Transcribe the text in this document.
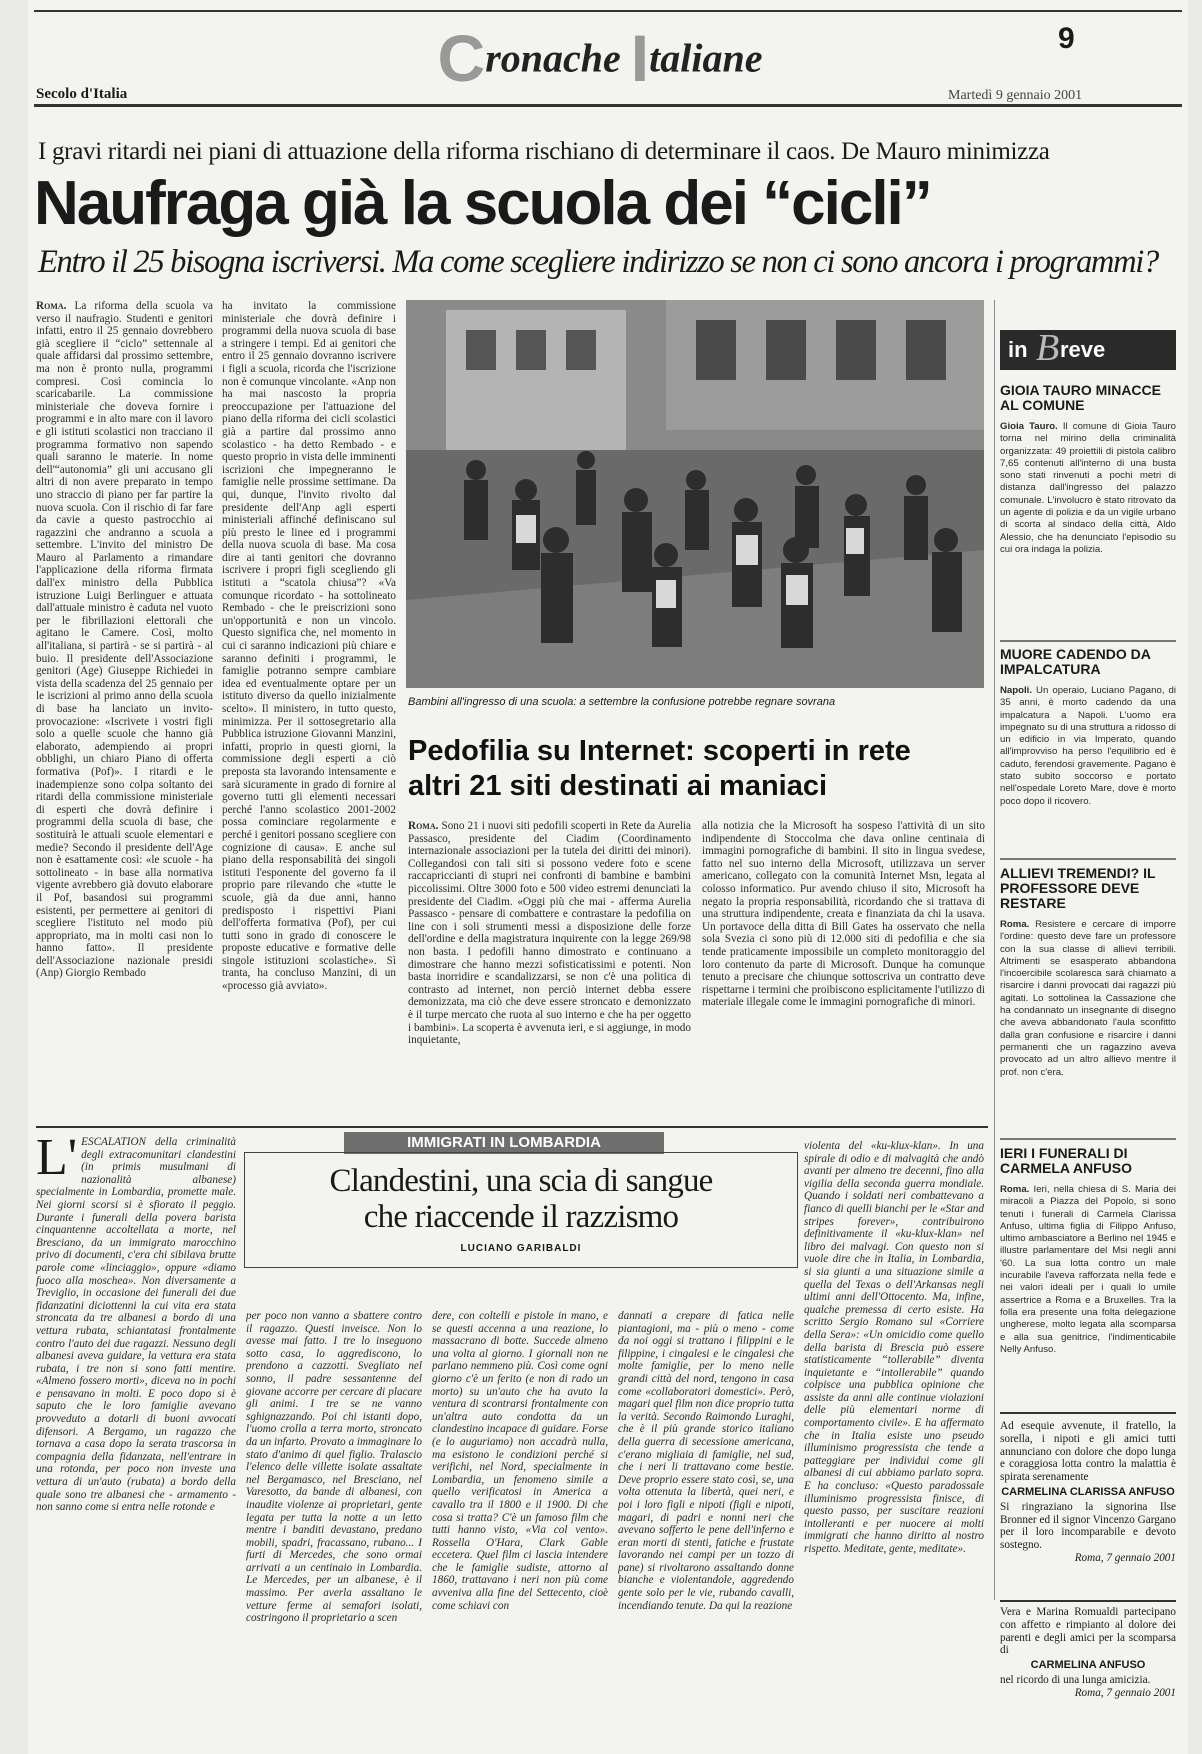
Cronache Italiane	9
Secolo d'Italia	Martedì 9 gennaio 2001
I gravi ritardi nei piani di attuazione della riforma rischiano di determinare il caos. De Mauro minimizza
Naufraga già la scuola dei “cicli”
Entro il 25 bisogna iscriversi. Ma come scegliere indirizzo se non ci sono ancora i programmi?
Roma. La riforma della scuola va verso il naufragio. Studenti e genitori infatti, entro il 25 gennaio dovrebbero già scegliere il “ciclo” settennale al quale affidarsi dal prossimo settembre, ma non è pronto nulla, programmi compresi. Così comincia lo scaricabarile. La commissione ministeriale che doveva fornire i programmi e in alto mare con il lavoro e gli istituti scolastici non tracciano il programma formativo non sapendo quali saranno le materie. In nome dell'“autonomia” gli uni accusano gli altri di non avere preparato in tempo uno straccio di piano per far partire la nuova scuola. Con il rischio di far fare da cavie a questo pastrocchio ai ragazzini che andranno a scuola a settembre. L'invito del ministro De Mauro al Parlamento a rimandare l'applicazione della riforma firmata dall'ex ministro della Pubblica istruzione Luigi Berlinguer e attuata dall'attuale ministro è caduta nel vuoto per le fibrillazioni elettorali che agitano le Camere. Così, molto all'italiana, si partirà - se si partirà - al buio. Il presidente dell'Associazione genitori (Age) Giuseppe Richiedei in vista della scadenza del 25 gennaio per le iscrizioni al primo anno della scuola di base ha lanciato un invito-provocazione: «Iscrivete i vostri figli solo a quelle scuole che hanno già elaborato, adempiendo ai propri obblighi, un chiaro Piano di offerta formativa (Pof)». I ritardi e le inadempienze sono colpa soltanto dei ritardi della commissione ministeriale di esperti che dovrà definire i programmi della scuola di base, che sostituirà le attuali scuole elementari e medie? Secondo il presidente dell'Age non è esattamente così: «le scuole - ha sottolineato - in base alla normativa vigente avrebbero già dovuto elaborare il Pof, basandosi sui programmi esistenti, per permettere ai genitori di scegliere l'istituto nel modo più appropriato, ma in molti casi non lo hanno fatto». Il presidente dell'Associazione nazionale presidi (Anp) Giorgio Rembado
ha invitato la commissione ministeriale che dovrà definire i programmi della nuova scuola di base a stringere i tempi. Ed ai genitori che entro il 25 gennaio dovranno iscrivere i figli a scuola, ricorda che l'iscrizione non è comunque vincolante. «Anp non ha mai nascosto la propria preoccupazione per l'attuazione del piano della riforma dei cicli scolastici già a partire dal prossimo anno scolastico - ha detto Rembado - e questo proprio in vista delle imminenti iscrizioni che impegneranno le famiglie nelle prossime settimane. Da qui, dunque, l'invito rivolto dal presidente dell'Anp agli esperti ministeriali affinché definiscano sul più presto le linee ed i programmi della nuova scuola di base. Ma cosa dire ai tanti genitori che dovranno iscrivere i propri figli scegliendo gli istituti a “scatola chiusa”? «Va comunque ricordato - ha sottolineato Rembado - che le preiscrizioni sono un'opportunità e non un vincolo. Questo significa che, nel momento in cui ci saranno indicazioni più chiare e saranno definiti i programmi, le famiglie potranno sempre cambiare idea ed eventualmente optare per un istituto diverso da quello inizialmente scelto». Il ministero, in tutto questo, minimizza. Per il sottosegretario alla Pubblica istruzione Giovanni Manzini, infatti, proprio in questi giorni, la commissione degli esperti a ciò preposta sta lavorando intensamente e sarà sicuramente in grado di fornire al governo tutti gli elementi necessari perché l'anno scolastico 2001-2002 possa cominciare regolarmente e perché i genitori possano scegliere con cognizione di causa». E anche sul piano della responsabilità dei singoli istituti l'esponente del governo fa il proprio pare rilevando che «tutte le scuole, già da due anni, hanno predisposto i rispettivi Piani dell'offerta formativa (Pof), per cui tutti sono in grado di conoscere le proposte educative e formative delle singole istituzioni scolastiche». Sì tranta, ha concluso Manzini, di un «processo già avviato».
Bambini all'ingresso di una scuola: a settembre la confusione potrebbe regnare sovrana
Pedofilia su Internet: scoperti in rete
altri 21 siti destinati ai maniaci
Roma. Sono 21 i nuovi siti pedofili scoperti in Rete da Aurelia Passasco, presidente del Ciadim (Coordinamento internazionale associazioni per la tutela dei diritti dei minori). Collegandosi con tali siti si possono vedere foto e scene raccapriccianti di stupri nei confronti di bambine e bambini piccolissimi. Oltre 3000 foto e 500 video estremi denunciati la presidente del Ciadim. «Oggi più che mai - afferma Aurelia Passasco - pensare di combattere e contrastare la pedofilia on line con i soli strumenti messi a disposizione delle forze dell'ordine e della magistratura inquirente con la legge 269/98 non basta. I pedofili hanno dimostrato e continuano a dimostrare che hanno mezzi sofisticatissimi e potenti. Non basta inorridire e scandalizzarsi, se non c'è una politica di contrasto ad internet, non perciò internet debba essere demonizzata, ma ciò che deve essere stroncato e demonizzato è il turpe mercato che ruota al suo interno e che ha per oggetto i bambini». La scoperta è avvenuta ieri, e si aggiunge, in modo inquietante,
alla notizia che la Microsoft ha sospeso l'attività di un sito indipendente di Stoccolma che dava online centinaia di immagini pornografiche di bambini. Il sito in lingua svedese, fatto nel suo interno della Microsoft, utilizzava un server americano, collegato con la comunità Internet Msn, legata al colosso informatico. Pur avendo chiuso il sito, Microsoft ha negato la propria responsabilità, ricordando che si trattava di una struttura indipendente, creata e finanziata da chi la usava. Un portavoce della ditta di Bill Gates ha osservato che nella sola Svezia ci sono più di 12.000 siti di pedofilia e che sia tende praticamente impossibile un completo monitoraggio del loro contenuto da parte di Microsoft. Dunque ha comunque tenuto a precisare che chiunque sottoscriva un contratto deve rispettarne i termini che proibiscono esplicitamente l'utilizzo di materiale illegale come le immagini pornografiche di minori.
in B reve
GIOIA TAURO MINACCE AL COMUNE
Gioia Tauro. Il comune di Gioia Tauro torna nel mirino della criminalità organizzata: 49 proiettili di pistola calibro 7,65 contenuti all'interno di una busta sono stati rinvenuti a pochi metri di distanza dall'ingresso del palazzo comunale. L'involucro è stato ritrovato da un agente di polizia e da un vigile urbano di scorta al sindaco della città, Aldo Alessio, che ha denunciato l'episodio su cui ora indaga la polizia.
MUORE CADENDO DA IMPALCATURA
Napoli. Un operaio, Luciano Pagano, di 35 anni, è morto cadendo da una impalcatura a Napoli. L'uomo era impegnato su di una struttura a ridosso di un edificio in via Imperato, quando all'improvviso ha perso l'equilibrio ed è caduto, ferendosi gravemente. Pagano è stato subito soccorso e portato nell'ospedale Loreto Mare, dove è morto poco dopo il ricovero.
ALLIEVI TREMENDI? IL PROFESSORE DEVE RESTARE
Roma. Resistere e cercare di imporre l'ordine: questo deve fare un professore con la sua classe di allievi terribili. Altrimenti se esasperato abbandona l'incoercibile scolaresca sarà chiamato a risarcire i danni provocati dai ragazzi più agitati. Lo sottolinea la Cassazione che ha condannato un insegnante di disegno che aveva abbandonato l'aula sconfitto dalla gran confusione e risarcire i danni permanenti che un ragazzino aveva provocato ad un altro allievo mentre il prof. non c'era.
IERI I FUNERALI DI CARMELA ANFUSO
Roma. Ieri, nella chiesa di S. Maria dei miracoli a Piazza del Popolo, si sono tenuti i funerali di Carmela Clarissa Anfuso, ultima figlia di Filippo Anfuso, ultimo ambasciatore a Berlino nel 1945 e illustre parlamentare del Msi negli anni '60. La sua lotta contro un male incurabile l'aveva rafforzata nella fede e nei valori ideali per i quali lo umile assertrice a Roma e a Bruxelles. Tra la folla era presente una folta delegazione ungherese, molto legata alla scomparsa e alla sua genitrice, l'indimenticabile Nelly Anfuso.
Ad esequie avvenute, il fratello, la sorella, i nipoti e gli amici tutti annunciano con dolore che dopo lunga e coraggiosa lotta contro la malattia è spirata serenamente
CARMELINA CLARISSA ANFUSO
Si ringraziano la signorina Ilse Bronner ed il signor Vincenzo Gargano per il loro incomparabile e devoto sostegno.
Roma, 7 gennaio 2001
Vera e Marina Romualdi partecipano con affetto e rimpianto al dolore dei parenti e degli amici per la scomparsa di
CARMELINA ANFUSO
nel ricordo di una lunga amicizia.
Roma, 7 gennaio 2001
IMMIGRATI IN LOMBARDIA
Clandestini, una scia di sangue
che riaccende il razzismo
LUCIANO GARIBALDI
L' ESCALATION della criminalità degli extracomunitari clandestini (in primis musulmani di nazionalità albanese) specialmente in Lombardia, promette male. Nei giorni scorsi si è sfiorato il peggio. Durante i funerali della povera barista cinquantenne accoltellata a morte, nel Bresciano, da un immigrato marocchino privo di documenti, c'era chi sibilava brutte parole come «linciaggio», oppure «diamo fuoco alla moschea». Non diversamente a Treviglio, in occasione dei funerali dei due fidanzatini diciottenni la cui vita era stata stroncata da tre albanesi a bordo di una vettura rubata, schiantatasi frontalmente contro l'auto dei due ragazzi. Nessuno degli albanesi aveva guidare, la vettura era stata rubata, i tre non si sono fatti mentire. «Almeno fossero morti», diceva no in pochi e pensavano in molti. E poco dopo si è saputo che le loro famiglie avevano provveduto a dotarli di buoni avvocati difensori. A Bergamo, un ragazzo che tornava a casa dopo la serata trascorsa in compagnia della fidanzata, nell'entrare in una rotonda, per poco non investe una vettura di un'auto (rubata) a bordo della quale sono tre albanesi che - armamento - non sanno come si entra nelle rotonde e
per poco non vanno a sbattere contro il ragazzo. Questi inveisce. Non lo avesse mai fatto. I tre lo inseguono sotto casa, lo aggrediscono, lo prendono a cazzotti. Svegliato nel sonno, il padre sessantenne del giovane accorre per cercare di placare gli animi. I tre se ne vanno sghignazzando. Poi chi istanti dopo, l'uomo crolla a terra morto, stroncato da un infarto. Provato a immaginare lo stato d'animo di quel figlio. Tralascio l'elenco delle villette isolate assaltate nel Bergamasco, nel Bresciano, nel Varesotto, da bande di albanesi, con inaudite violenze ai proprietari, gente legata per tutta la notte a un letto mentre i banditi devastano, predano mobili, spadri, fracassano, rubano... I furti di Mercedes, che sono ormai arrivati a un centinaio in Lombardia. Le Mercedes, per un albanese, è il massimo. Per averla assaltano le vetture ferme ai semafori isolati, costringono il proprietario a scen
dere, con coltelli e pistole in mano, e se questi accenna a una reazione, lo massacrano di botte. Succede almeno una volta al giorno. I giornali non ne parlano nemmeno più. Così come ogni giorno c'è un ferito (e non di rado un morto) su un'auto che ha avuto la ventura di scontrarsi frontalmente con un'altra auto condotta da un clandestino incapace di guidare. Forse (e lo auguriamo) non accadrà nulla, ma esistono le condizioni perché si verifichi, nel Nord, specialmente in Lombardia, un fenomeno simile a quello verificatosi in America a cavallo tra il 1800 e il 1900. Di che cosa si tratta? C'è un famoso film che tutti hanno visto, «Via col vento». Rossella O'Hara, Clark Gable eccetera. Quel film ci lascia intendere che le famiglie sudiste, attorno al 1860, trattavano i neri non più come avveniva alla fine del Settecento, cioè come schiavi con
dannati a crepare di fatica nelle piantagioni, ma - più o meno - come da noi oggi si trattano i filippini e le filippine, i cingalesi e le cingalesi che molte famiglie, per lo meno nelle grandi città del nord, tengono in casa come «collaboratori domestici». Però, magari quel film non dice proprio tutta la verità. Secondo Raimondo Luraghi, che è il più grande storico italiano della guerra di secessione americana, c'erano migliaia di famiglie, nel sud, che i neri li trattavano come bestie. Deve proprio essere stato così, se, una volta ottenuta la libertà, quei neri, e poi i loro figli e nipoti (figli e nipoti, magari, di padri e nonni neri che avevano sofferto le pene dell'inferno e eran morti di stenti, fatiche e frustate lavorando nei campi per un tozzo di pane) si rivoltarono assaltando donne bianche e violentandole, aggredendo gente solo per le vie, rubando cavalli, incendiando tenute. Da qui la reazione
violenta del «ku-klux-klan». In una spirale di odio e di malvagità che andò avanti per almeno tre decenni, fino alla vigilia della seconda guerra mondiale. Quando i soldati neri combattevano a fianco di quelli bianchi per le «Star and stripes forever», contribuirono definitivamente il «ku-klux-klan» nel libro dei malvagi. Con questo non si vuole dire che in Italia, in Lombardia, si sia giunti a una situazione simile a quella del Texas o dell'Arkansas negli ultimi anni dell'Ottocento. Ma, infine, qualche premessa di certo esiste. Ha scritto Sergio Romano sul «Corriere della Sera»: «Un omicidio come quello della barista di Brescia può essere statisticamente “tollerabile” diventa inquietante e “intollerabile” quando colpisce una pubblica opinione che assiste da anni alle continue violazioni delle più elementari norme di comportamento civile». E ha affermato che in Italia esiste uno pseudo illuminismo progressista che tende a patteggiare per individui come gli albanesi di cui abbiamo parlato sopra. E ha concluso: «Questo paradossale illuminismo progressista finisce, di questo passo, per suscitare reazioni intolleranti e per nuocere ai molti immigrati che hanno diritto al nostro rispetto. Meditate, gente, meditate».
